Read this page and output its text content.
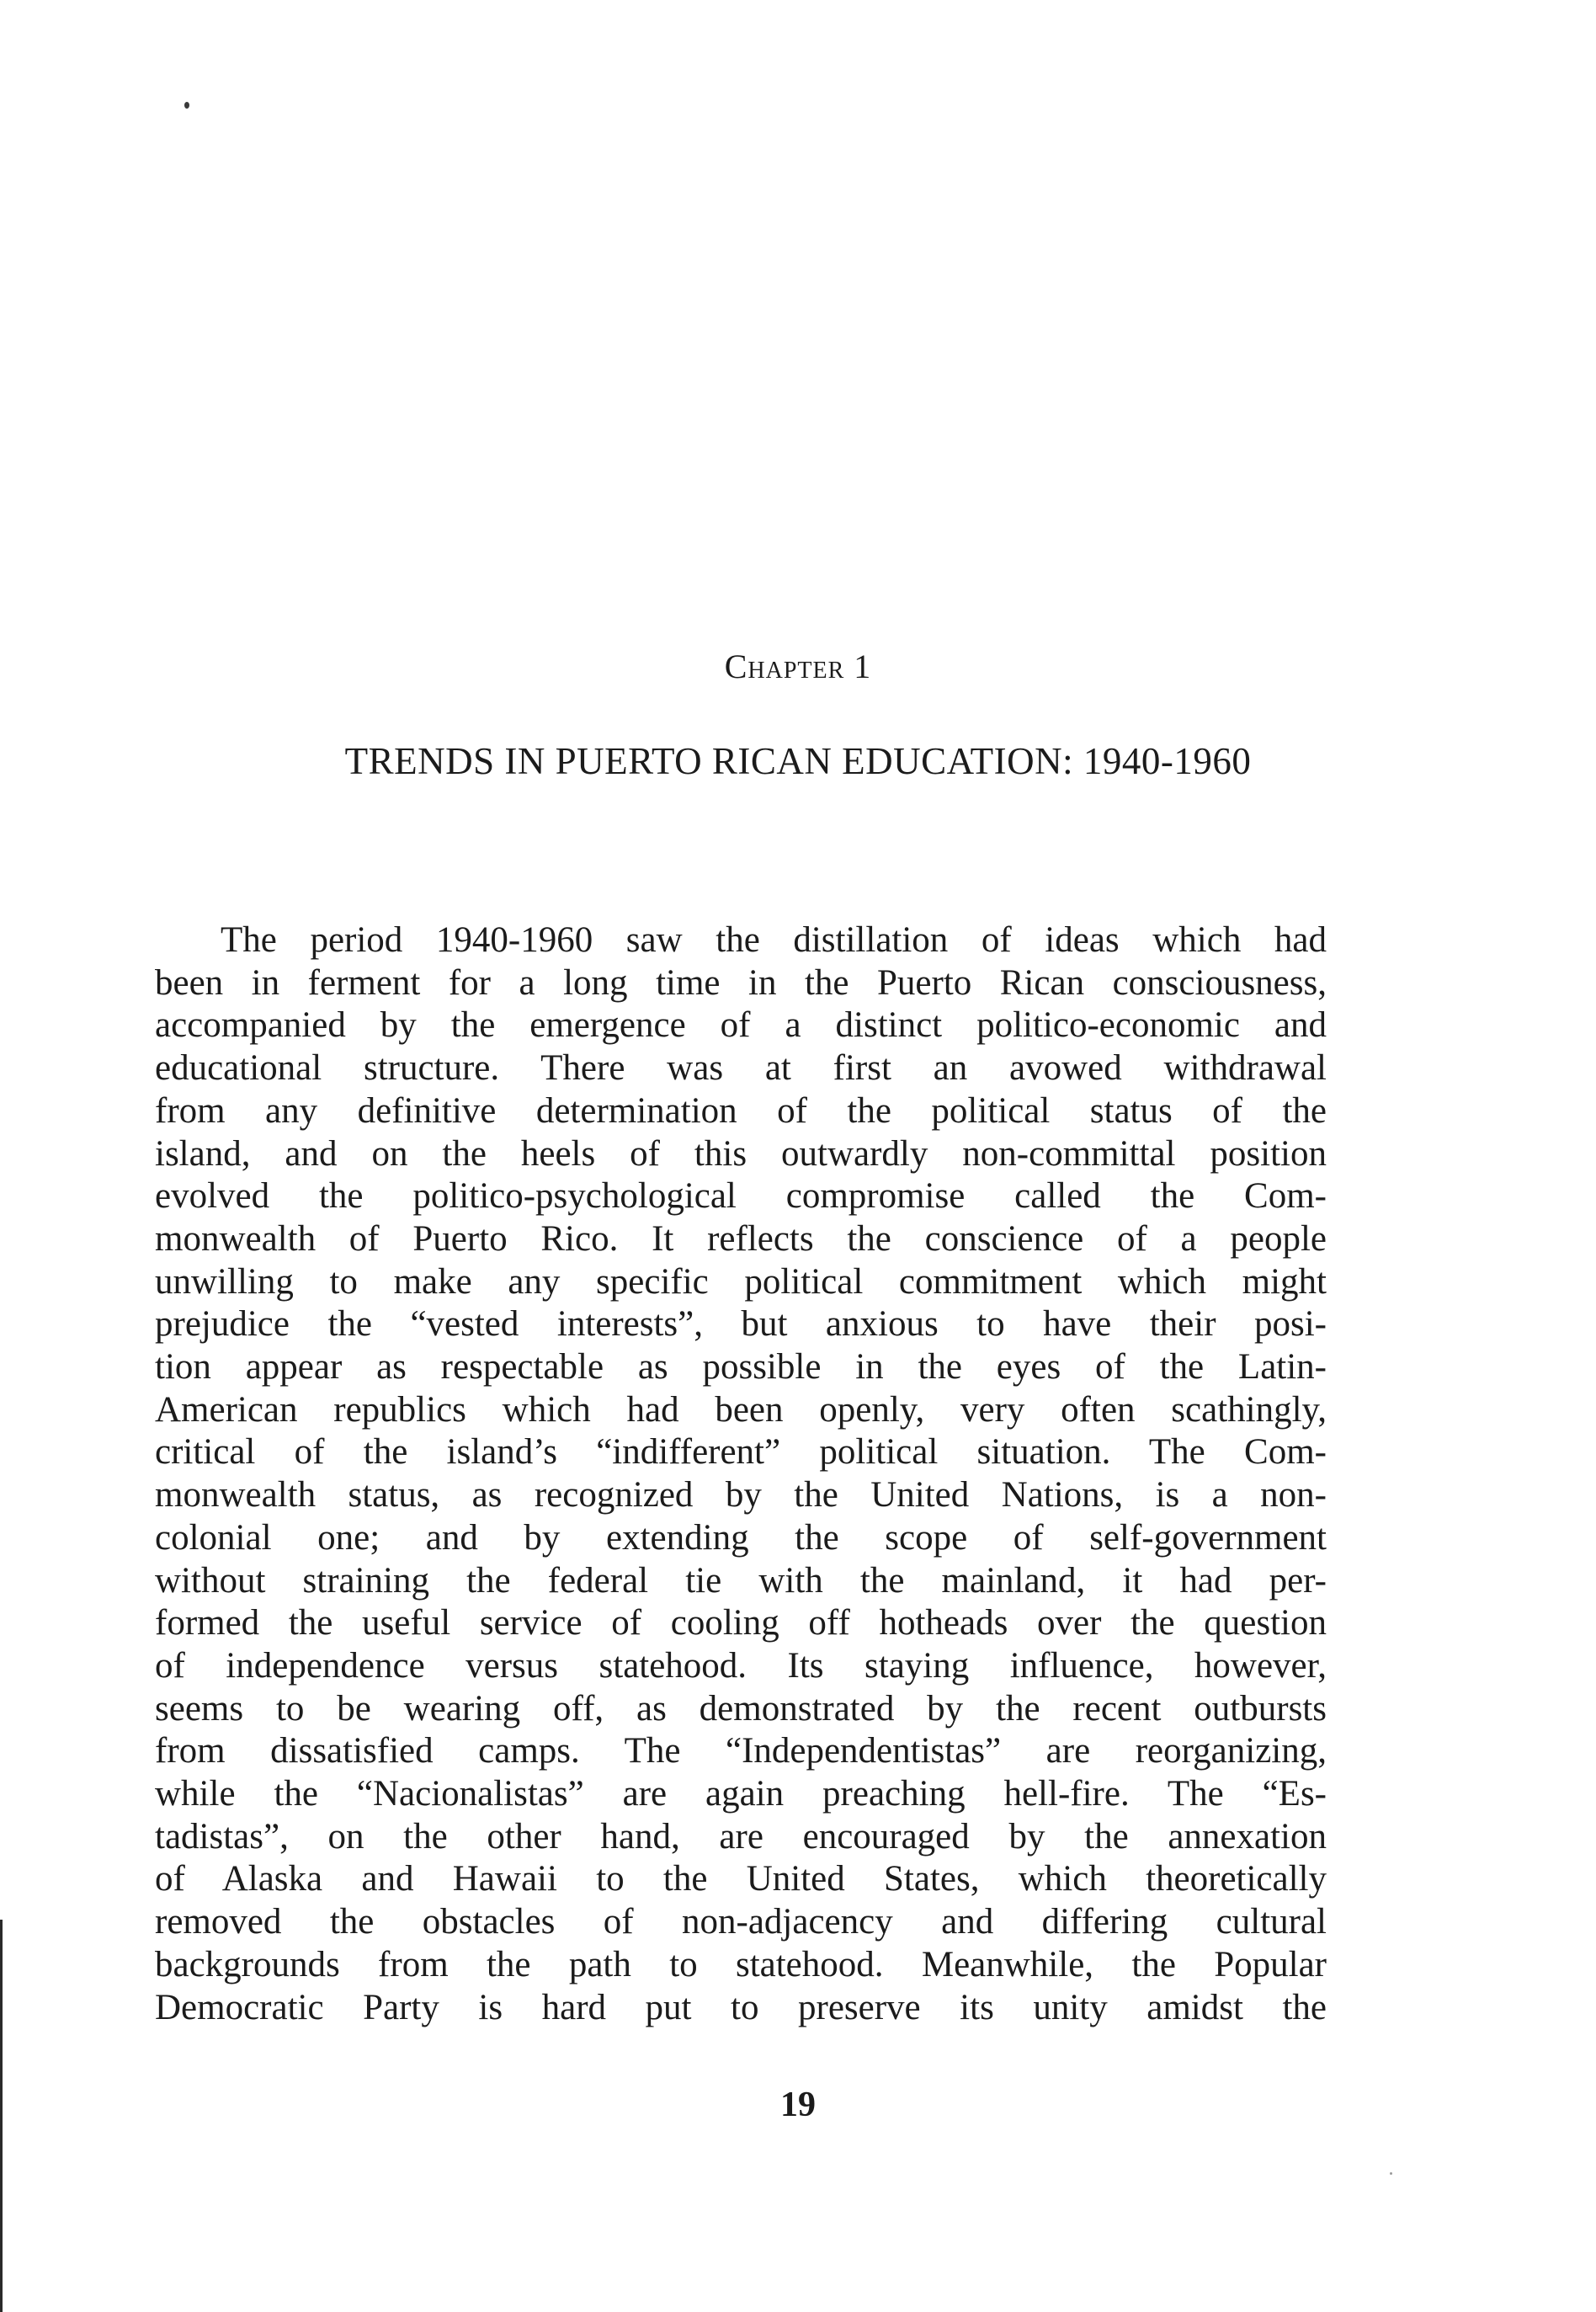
Chapter 1
TRENDS IN PUERTO RICAN EDUCATION: 1940-1960
The period 1940-1960 saw the distillation of ideas which had
been in ferment for a long time in the Puerto Rican consciousness,
accompanied by the emergence of a distinct politico-economic and
educational structure. There was at first an avowed withdrawal
from any definitive determination of the political status of the
island, and on the heels of this outwardly non-committal position
evolved the politico-psychological compromise called the Com-
monwealth of Puerto Rico. It reflects the conscience of a people
unwilling to make any specific political commitment which might
prejudice the “vested interests”, but anxious to have their posi-
tion appear as respectable as possible in the eyes of the Latin-
American republics which had been openly, very often scathingly,
critical of the island’s “indifferent” political situation. The Com-
monwealth status, as recognized by the United Nations, is a non-
colonial one; and by extending the scope of self-government
without straining the federal tie with the mainland, it had per-
formed the useful service of cooling off hotheads over the question
of independence versus statehood. Its staying influence, however,
seems to be wearing off, as demonstrated by the recent outbursts
from dissatisfied camps. The “Independentistas” are reorganizing,
while the “Nacionalistas” are again preaching hell-fire. The “Es-
tadistas”, on the other hand, are encouraged by the annexation
of Alaska and Hawaii to the United States, which theoretically
removed the obstacles of non-adjacency and differing cultural
backgrounds from the path to statehood. Meanwhile, the Popular
Democratic Party is hard put to preserve its unity amidst the
19
